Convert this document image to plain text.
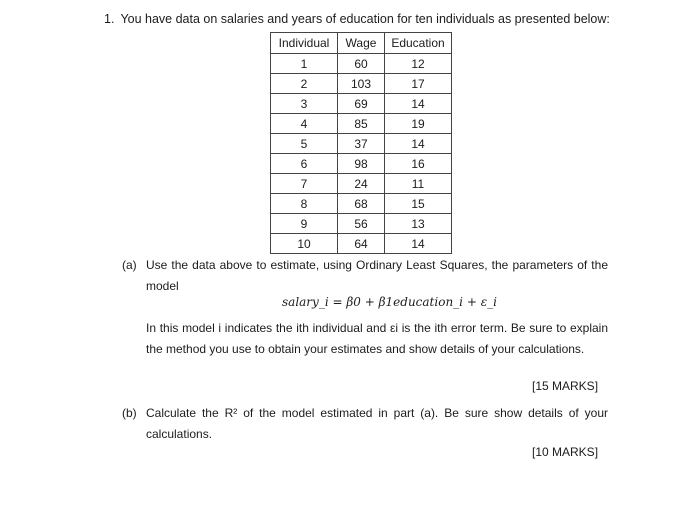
1. You have data on salaries and years of education for ten individuals as presented below:
Individual	Wage	Education
1	60	12
2	103	17
3	69	14
4	85	19
5	37	14
6	98	16
7	24	11
8	68	15
9	56	13
10	64	14
(a) Use the data above to estimate, using Ordinary Least Squares, the parameters of the model
salary_i = β0 + β1education_i + ε_i
In this model i indicates the ith individual and εi is the ith error term. Be sure to explain the method you use to obtain your estimates and show details of your calculations.
[15 MARKS]
(b) Calculate the R² of the model estimated in part (a). Be sure show details of your calculations.
[10 MARKS]
